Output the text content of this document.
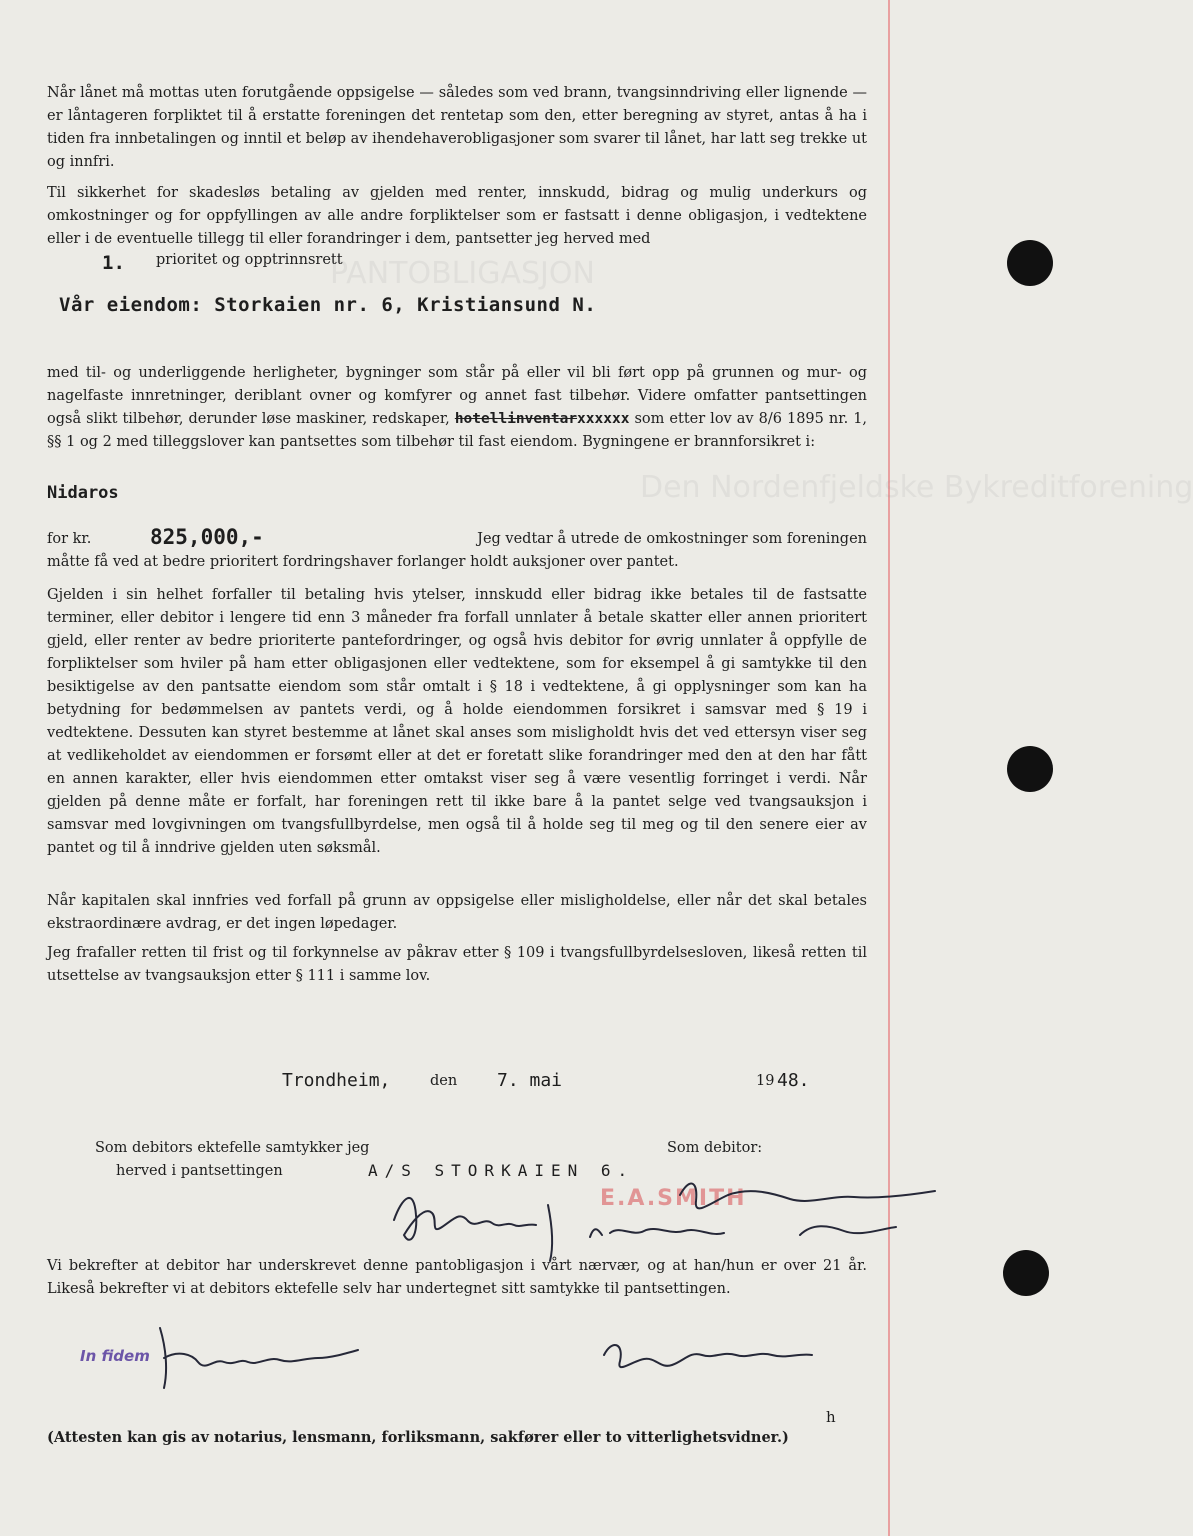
PANTOBLIGASJON
Den Nordenfjeldske Bykreditforening

Når lånet må mottas uten forutgående oppsigelse — således som ved brann, tvangsinndriving eller lignende — er låntageren forpliktet til å erstatte foreningen det rentetap som den, etter beregning av styret, antas å ha i tiden fra innbetalingen og inntil et beløp av ihendehaverobligasjoner som svarer til lånet, har latt seg trekke ut og innfri.

Til sikkerhet for skadesløs betaling av gjelden med renter, innskudd, bidrag og mulig underkurs og omkostninger og for oppfyllingen av alle andre forpliktelser som er fastsatt i denne obligasjon, i vedtektene eller i de eventuelle tillegg til eller forandringer i dem, pantsetter jeg herved med

1. prioritet og opptrinnsrett
Vår eiendom: Storkaien nr. 6, Kristiansund N.

med til- og underliggende herligheter, bygninger som står på eller vil bli ført opp på grunnen og mur- og nagelfaste innretninger, deriblant ovner og komfyrer og annet fast tilbehør. Videre omfatter pantsettingen også slikt tilbehør, derunder løse maskiner, redskaper, hotellinventarxxxxxx som etter lov av 8/6 1895 nr. 1, §§ 1 og 2 med tilleggslover kan pantsettes som tilbehør til fast eiendom. Bygningene er brannforsikret i:

Nidaros
for kr.	825,000,-	Jeg vedtar å utrede de omkostninger som foreningen
måtte få ved at bedre prioritert fordringshaver forlanger holdt auksjoner over pantet.

Gjelden i sin helhet forfaller til betaling hvis ytelser, innskudd eller bidrag ikke betales til de fastsatte terminer, eller debitor i lengere tid enn 3 måneder fra forfall unnlater å betale skatter eller annen prioritert gjeld, eller renter av bedre prioriterte pantefordringer, og også hvis debitor for øvrig unnlater å oppfylle de forpliktelser som hviler på ham etter obligasjonen eller vedtektene, som for eksempel å gi samtykke til den besiktigelse av den pantsatte eiendom som står omtalt i § 18 i vedtektene, å gi opplysninger som kan ha betydning for bedømmelsen av pantets verdi, og å holde eiendommen forsikret i samsvar med § 19 i vedtektene. Dessuten kan styret bestemme at lånet skal anses som misligholdt hvis det ved ettersyn viser seg at vedlikeholdet av eiendommen er forsømt eller at det er foretatt slike forandringer med den at den har fått en annen karakter, eller hvis eiendommen etter omtakst viser seg å være vesentlig forringet i verdi. Når gjelden på denne måte er forfalt, har foreningen rett til ikke bare å la pantet selge ved tvangsauksjon i samsvar med lovgivningen om tvangsfullbyrdelse, men også til å holde seg til meg og til den senere eier av pantet og til å inndrive gjelden uten søksmål.

Når kapitalen skal innfries ved forfall på grunn av oppsigelse eller misligholdelse, eller når det skal betales ekstraordinære avdrag, er det ingen løpedager.

Jeg frafaller retten til frist og til forkynnelse av påkrav etter § 109 i tvangsfullbyrdelsesloven, likeså retten til utsettelse av tvangsauksjon etter § 111 i samme lov.

Trondheim,	den 7. mai	19 48.
Som debitors ektefelle samtykker jeg
herved i pantsettingen
Som debitor:
A/S STORKAIEN 6.
E.A.SMITH
Vi bekrefter at debitor har underskrevet denne pantobligasjon i vårt nærvær, og at han/hun er over 21 år. Likeså bekrefter vi at debitors ektefelle selv har undertegnet sitt samtykke til pantsettingen.
In fidem
h
(Attesten kan gis av notarius, lensmann, forliksmann, sakfører eller to vitterlighetsvidner.)
